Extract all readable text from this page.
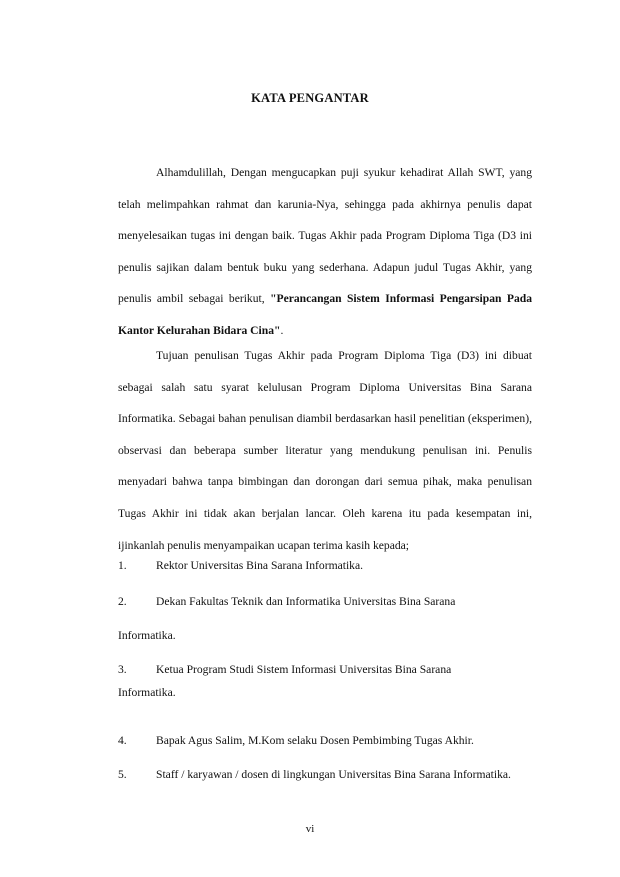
KATA PENGANTAR

Alhamdulillah, Dengan mengucapkan puji syukur kehadirat Allah SWT, yang telah melimpahkan rahmat dan karunia-Nya, sehingga pada akhirnya penulis dapat menyelesaikan tugas ini dengan baik. Tugas Akhir pada Program Diploma Tiga (D3 ini penulis sajikan dalam bentuk buku yang sederhana. Adapun judul Tugas Akhir, yang penulis ambil sebagai berikut, "Perancangan Sistem Informasi Pengarsipan Pada Kantor Kelurahan Bidara Cina".

Tujuan penulisan Tugas Akhir pada Program Diploma Tiga (D3) ini dibuat sebagai salah satu syarat kelulusan Program Diploma Universitas Bina Sarana Informatika. Sebagai bahan penulisan diambil berdasarkan hasil penelitian (eksperimen), observasi dan beberapa sumber literatur yang mendukung penulisan ini. Penulis menyadari bahwa tanpa bimbingan dan dorongan dari semua pihak, maka penulisan Tugas Akhir ini tidak akan berjalan lancar. Oleh karena itu pada kesempatan ini, ijinkanlah penulis menyampaikan ucapan terima kasih kepada;

1.	Rektor Universitas Bina Sarana Informatika.
2.	Dekan Fakultas Teknik dan Informatika Universitas Bina Sarana
Informatika.
3.	Ketua Program Studi Sistem Informasi Universitas Bina Sarana
Informatika.
4.	Bapak Agus Salim, M.Kom selaku Dosen Pembimbing Tugas Akhir.
5.	Staff / karyawan / dosen di lingkungan Universitas Bina Sarana Informatika.
vi
